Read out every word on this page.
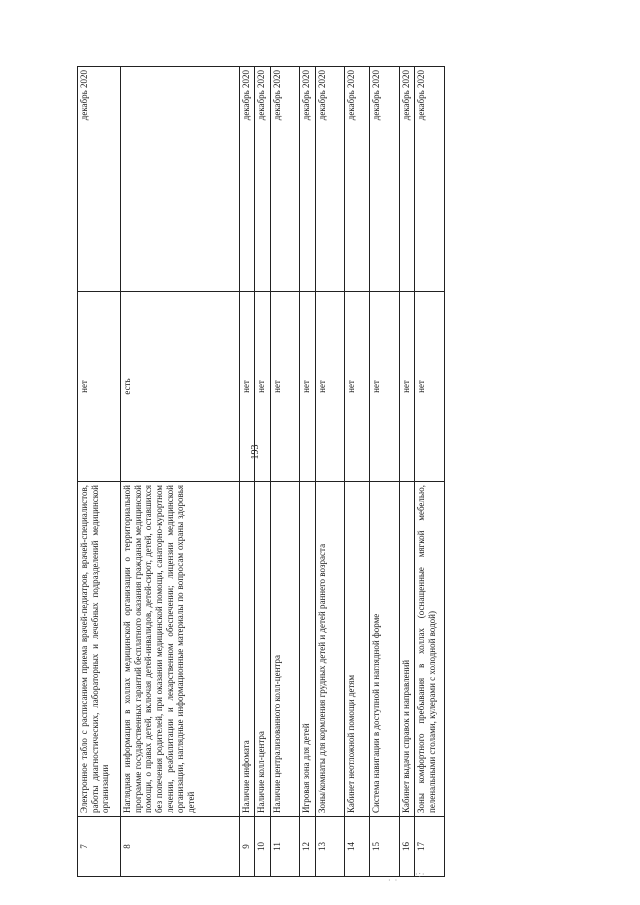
193
7	Электронное табло с расписанием приема врачей-педиатров, врачей-специалистов, работы диагностических, лабораторных и лечебных подразделений медицинской организации	нет	декабрь 2020
8	Наглядная информация в холлах медицинской организации о территориальной программе государственных гарантий бесплатного оказания гражданам медицинской помощи, о правах детей, включая детей-инвалидов, детей-сирот, детей, оставшихся без попечения родителей, при оказании медицинской помощи, санаторно-курортном лечении, реабилитации и лекарственном обеспечении; лицензии медицинской организации, наглядные информационные материалы по вопросам охраны здоровья детей	есть	
9	Наличие инфомата	нет	декабрь 2020
10	Наличие колл-центра	нет	декабрь 2020
11	Наличие централизованного колл-центра	нет	декабрь 2020
12	Игровая зона для детей	нет	декабрь 2020
13	Зоны/комнаты для кормления грудных детей и детей раннего возраста	нет	декабрь 2020
14	Кабинет неотложной помощи детям	нет	декабрь 2020
15	Система навигации в доступной и наглядной форме	нет	декабрь 2020
16	Кабинет выдачи справок и направлений	нет	декабрь 2020
17	Зоны комфортного пребывания в холлах (оснащенные мягкой мебелью, пеленальными столами, кулерами с холодной водой)	нет	декабрь 2020
· ·
·:·
